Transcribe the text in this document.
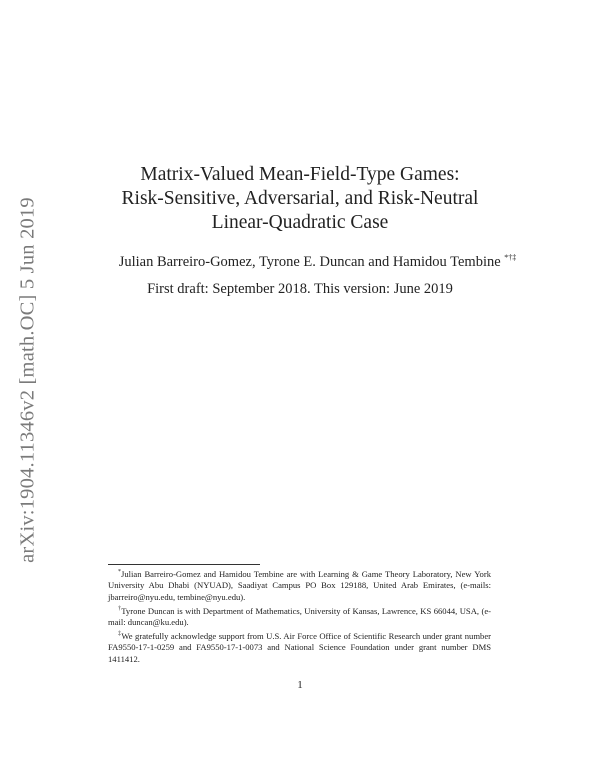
arXiv:1904.11346v2 [math.OC] 5 Jun 2019
Matrix-Valued Mean-Field-Type Games:
Risk-Sensitive, Adversarial, and Risk-Neutral
Linear-Quadratic Case
Julian Barreiro-Gomez, Tyrone E. Duncan and Hamidou Tembine *†‡
First draft: September 2018. This version: June 2019
*Julian Barreiro-Gomez and Hamidou Tembine are with Learning & Game Theory Laboratory, New York University Abu Dhabi (NYUAD), Saadiyat Campus PO Box 129188, United Arab Emirates, (e-mails: jbarreiro@nyu.edu, tembine@nyu.edu).
†Tyrone Duncan is with Department of Mathematics, University of Kansas, Lawrence, KS 66044, USA, (e-mail: duncan@ku.edu).
‡We gratefully acknowledge support from U.S. Air Force Office of Scientific Research under grant number FA9550-17-1-0259 and FA9550-17-1-0073 and National Science Foundation under grant number DMS 1411412.
1
